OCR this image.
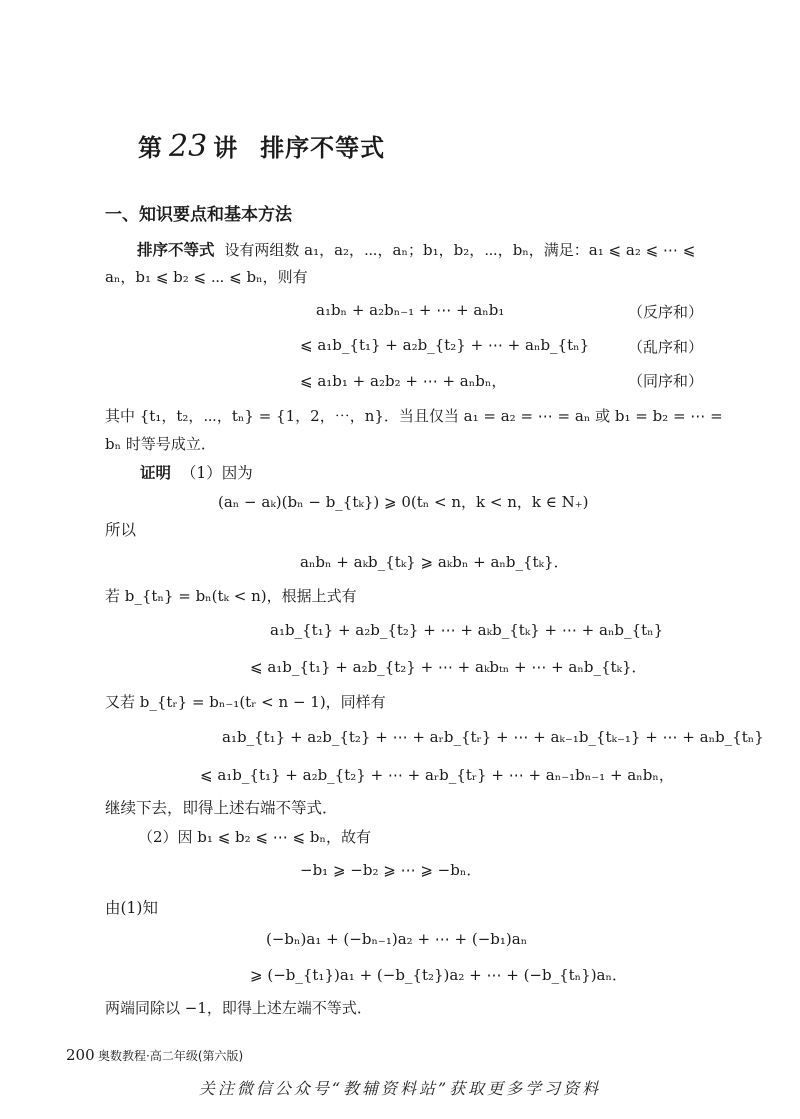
第 23 讲 排序不等式
一、知识要点和基本方法
排序不等式 设有两组数 a₁，a₂，⋯，aₙ；b₁，b₂，⋯，bₙ，满足：a₁ ⩽ a₂ ⩽ ⋯ ⩽
aₙ，b₁ ⩽ b₂ ⩽ ⋯ ⩽ bₙ，则有
a₁bₙ + a₂bₙ₋₁ + ⋯ + aₙb₁	（反序和）
⩽ a₁b_{t₁} + a₂b_{t₂} + ⋯ + aₙb_{tₙ}	（乱序和）
⩽ a₁b₁ + a₂b₂ + ⋯ + aₙbₙ，	（同序和）
其中 {t₁，t₂，⋯，tₙ} = {1，2，⋯，n}．当且仅当 a₁ = a₂ = ⋯ = aₙ 或 b₁ = b₂ = ⋯ =
bₙ 时等号成立．
证明 （1）因为
(aₙ − aₖ)(bₙ − b_{tₖ}) ⩾ 0(tₙ < n，k < n，k ∈ N₊)
所以
aₙbₙ + aₖb_{tₖ} ⩾ aₖbₙ + aₙb_{tₖ}．
若 b_{tₙ} = bₙ(tₖ < n)，根据上式有
a₁b_{t₁} + a₂b_{t₂} + ⋯ + aₖb_{tₖ} + ⋯ + aₙb_{tₙ}
⩽ a₁b_{t₁} + a₂b_{t₂} + ⋯ + aₖbₜₙ + ⋯ + aₙb_{tₖ}．
又若 b_{tᵣ} = bₙ₋₁(tᵣ < n − 1)，同样有
a₁b_{t₁} + a₂b_{t₂} + ⋯ + aᵣb_{tᵣ} + ⋯ + aₖ₋₁b_{tₖ₋₁} + ⋯ + aₙb_{tₙ}
⩽ a₁b_{t₁} + a₂b_{t₂} + ⋯ + aᵣb_{tᵣ} + ⋯ + aₙ₋₁bₙ₋₁ + aₙbₙ，
继续下去，即得上述右端不等式．
（2）因 b₁ ⩽ b₂ ⩽ ⋯ ⩽ bₙ，故有
−b₁ ⩾ −b₂ ⩾ ⋯ ⩾ −bₙ．
由(1)知
(−bₙ)a₁ + (−bₙ₋₁)a₂ + ⋯ + (−b₁)aₙ
⩾ (−b_{t₁})a₁ + (−b_{t₂})a₂ + ⋯ + (−b_{tₙ})aₙ．
两端同除以 −1，即得上述左端不等式．
200 奥数教程·高二年级(第六版)
关注微信公众号“教辅资料站”获取更多学习资料
